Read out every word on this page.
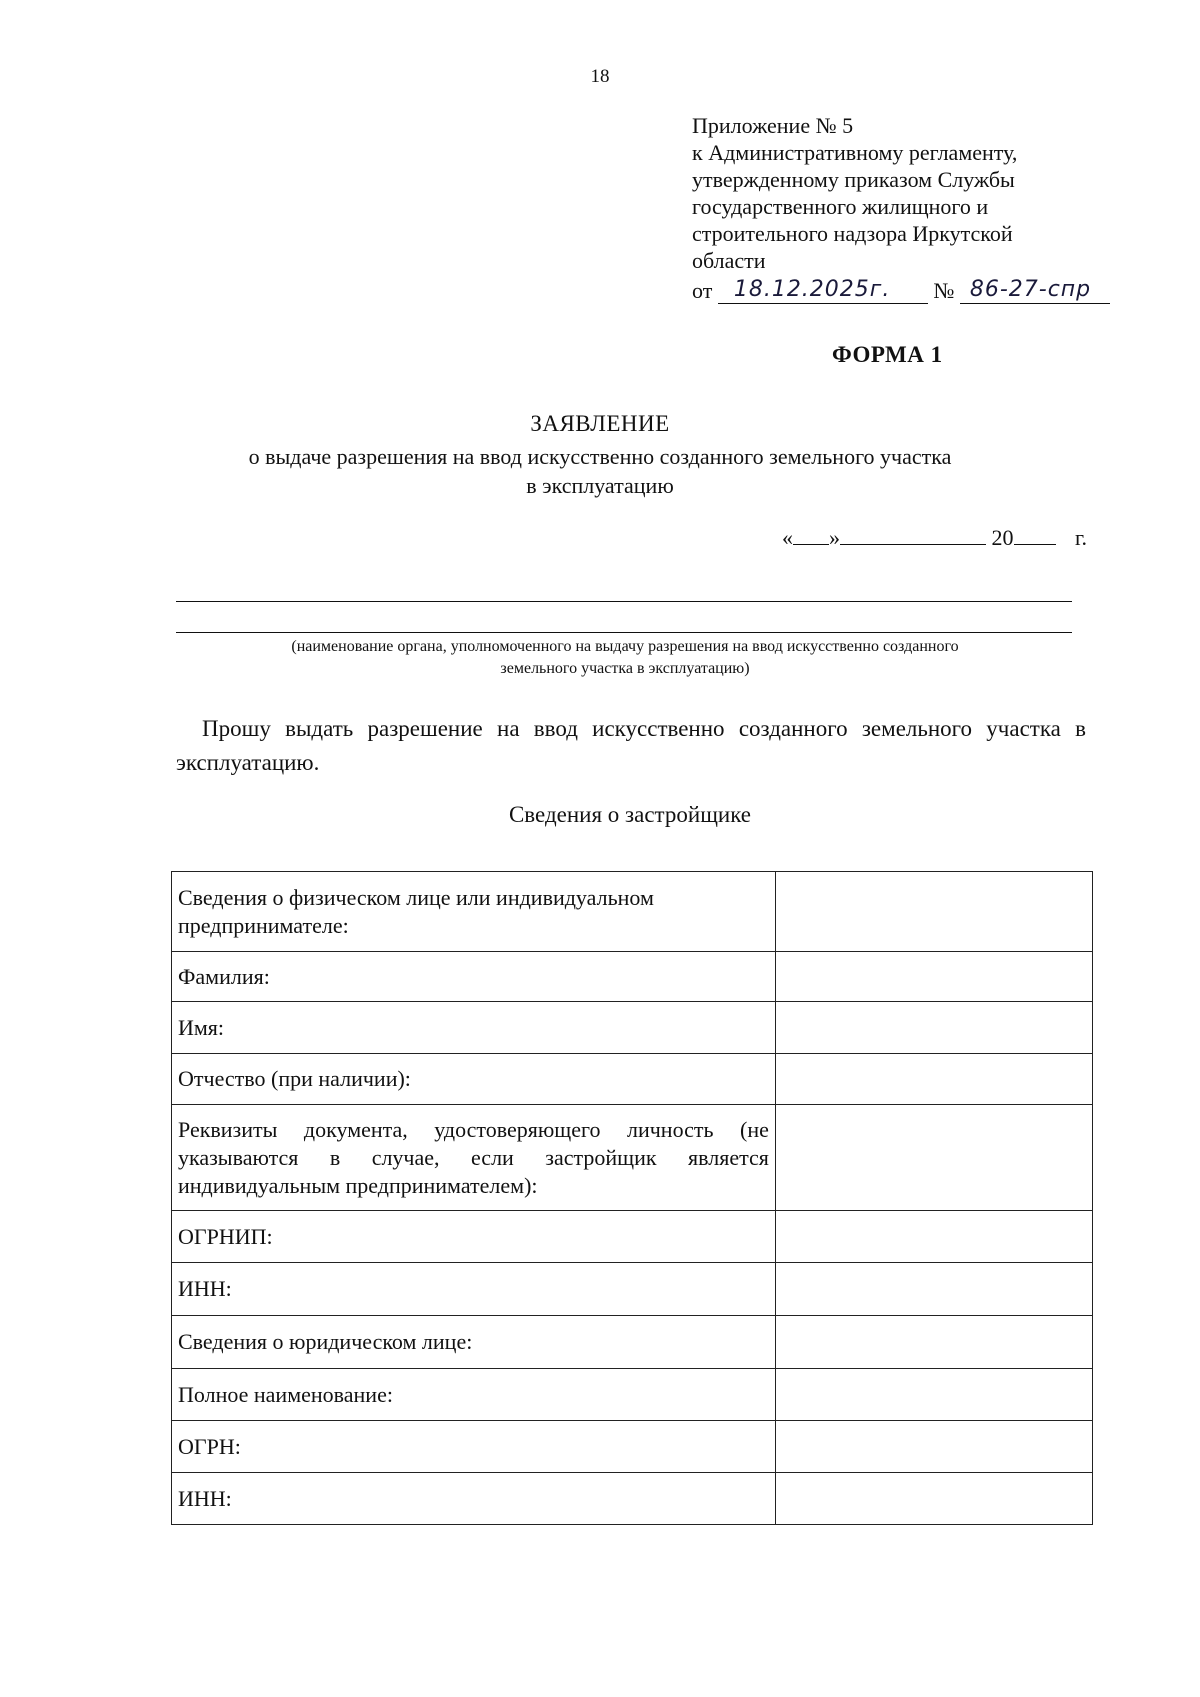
18
Приложение № 5
к Административному регламенту,
утвержденному приказом Службы
государственного жилищного и
строительного надзора Иркутской
области
от 18.12.2025г. № 86-27-спр
ФОРМА 1
ЗАЯВЛЕНИЕ
о выдаче разрешения на ввод искусственно созданного земельного участка
в эксплуатацию
« »	20	г.
(наименование органа, уполномоченного на выдачу разрешения на ввод искусственно созданного
земельного участка в эксплуатацию)
Прошу выдать разрешение на ввод искусственно созданного земельного участка в эксплуатацию.
Сведения о застройщике
Сведения о физическом лице или индивидуальном предпринимателе:	
Фамилия:	
Имя:	
Отчество (при наличии):	
Реквизиты документа, удостоверяющего личность (не указываются в случае, если застройщик является индивидуальным предпринимателем):	
ОГРНИП:	
ИНН:	
Сведения о юридическом лице:	
Полное наименование:	
ОГРН:	
ИНН:	
